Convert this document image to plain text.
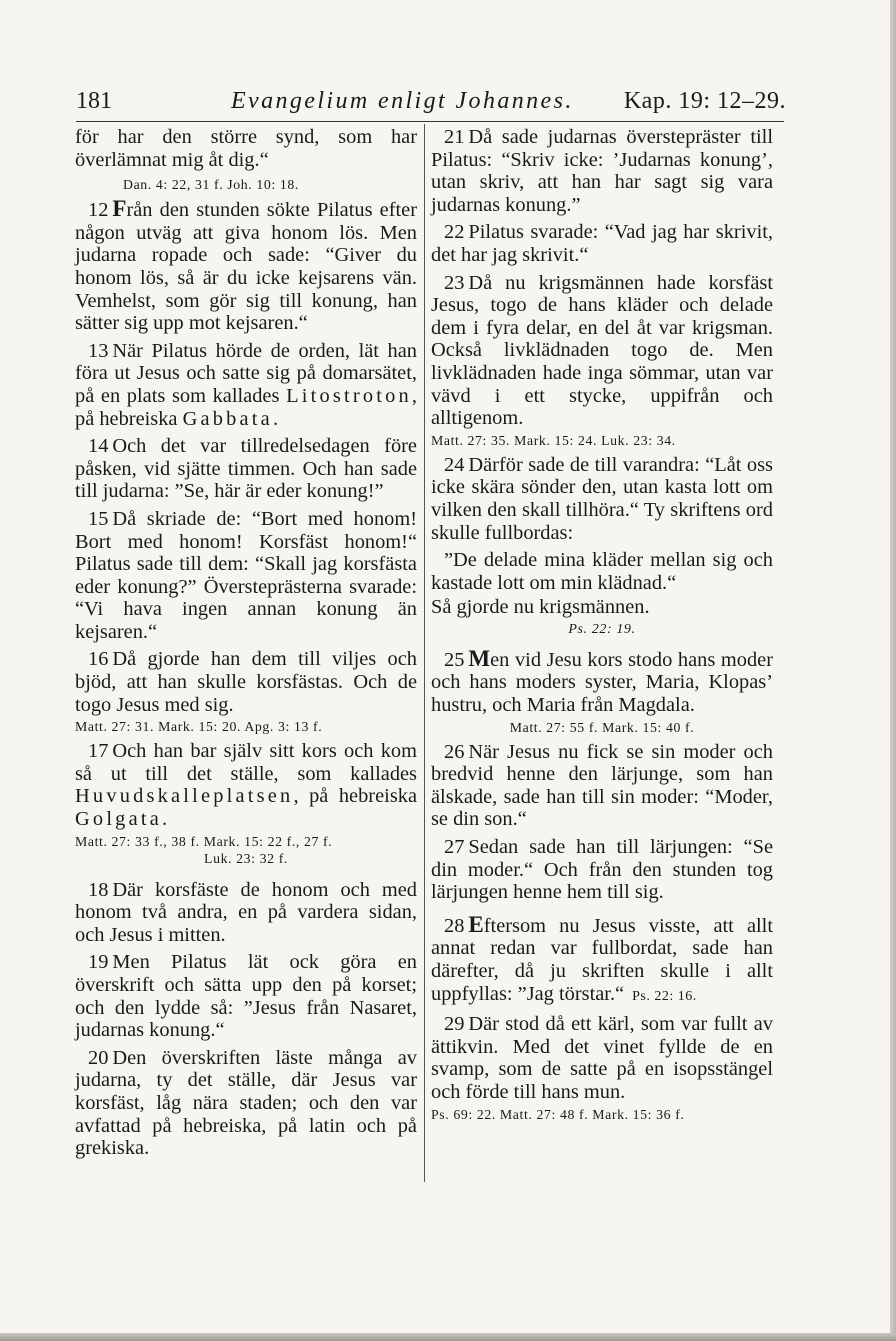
181	Evangelium enligt Johannes. Kap. 19: 12–29.

för har den större synd, som har överlämnat mig åt dig.“

Dan. 4: 22, 31 f. Joh. 10: 18.

12 Från den stunden sökte Pilatus efter någon utväg att giva honom lös. Men judarna ropade och sade: “Giver du honom lös, så är du icke kejsarens vän. Vemhelst, som gör sig till konung, han sätter sig upp mot kejsaren.“

13 När Pilatus hörde de orden, lät han föra ut Jesus och satte sig på domarsätet, på en plats som kallades Litostroton, på hebreiska Gabbata.

14 Och det var tillredelsedagen före påsken, vid sjätte timmen. Och han sade till judarna: ”Se, här är eder konung!”

15 Då skriade de: “Bort med honom! Bort med honom! Korsfäst honom!“ Pilatus sade till dem: “Skall jag korsfästa eder konung?” Översteprästerna svarade: “Vi hava ingen annan konung än kejsaren.“

16 Då gjorde han dem till viljes och bjöd, att han skulle korsfästas. Och de togo Jesus med sig.

Matt. 27: 31. Mark. 15: 20. Apg. 3: 13 f.

17 Och han bar själv sitt kors och kom så ut till det ställe, som kallades Huvudskalleplatsen, på hebreiska Golgata.

Matt. 27: 33 f., 38 f. Mark. 15: 22 f., 27 f.

Luk. 23: 32 f.

18 Där korsfäste de honom och med honom två andra, en på vardera sidan, och Jesus i mitten.

19 Men Pilatus lät ock göra en överskrift och sätta upp den på korset; och den lydde så: ”Jesus från Nasaret, judarnas konung.“

20 Den överskriften läste många av judarna, ty det ställe, där Jesus var korsfäst, låg nära staden; och den var avfattad på hebreiska, på latin och på grekiska.

21 Då sade judarnas överstepräster till Pilatus: “Skriv icke: ’Judarnas konung’, utan skriv, att han har sagt sig vara judarnas konung.”

22 Pilatus svarade: “Vad jag har skrivit, det har jag skrivit.“

23 Då nu krigsmännen hade korsfäst Jesus, togo de hans kläder och delade dem i fyra delar, en del åt var krigsman. Också livklädnaden togo de. Men livklädnaden hade inga sömmar, utan var vävd i ett stycke, uppifrån och alltigenom.

Matt. 27: 35. Mark. 15: 24. Luk. 23: 34.

24 Därför sade de till varandra: “Låt oss icke skära sönder den, utan kasta lott om vilken den skall tillhöra.“ Ty skriftens ord skulle fullbordas:

”De delade mina kläder mellan sig och kastade lott om min klädnad.“

Så gjorde nu krigsmännen.

Ps. 22: 19.

25 Men vid Jesu kors stodo hans moder och hans moders syster, Maria, Klopas’ hustru, och Maria från Magdala.

Matt. 27: 55 f. Mark. 15: 40 f.

26 När Jesus nu fick se sin moder och bredvid henne den lärjunge, som han älskade, sade han till sin moder: “Moder, se din son.“

27 Sedan sade han till lärjungen: “Se din moder.“ Och från den stunden tog lärjungen henne hem till sig.

28 Eftersom nu Jesus visste, att allt annat redan var fullbordat, sade han därefter, då ju skriften skulle i allt uppfyllas: ”Jag törstar.“ Ps. 22: 16.

29 Där stod då ett kärl, som var fullt av ättikvin. Med det vinet fyllde de en svamp, som de satte på en isopsstängel och förde till hans mun.

Ps. 69: 22. Matt. 27: 48 f. Mark. 15: 36 f.
